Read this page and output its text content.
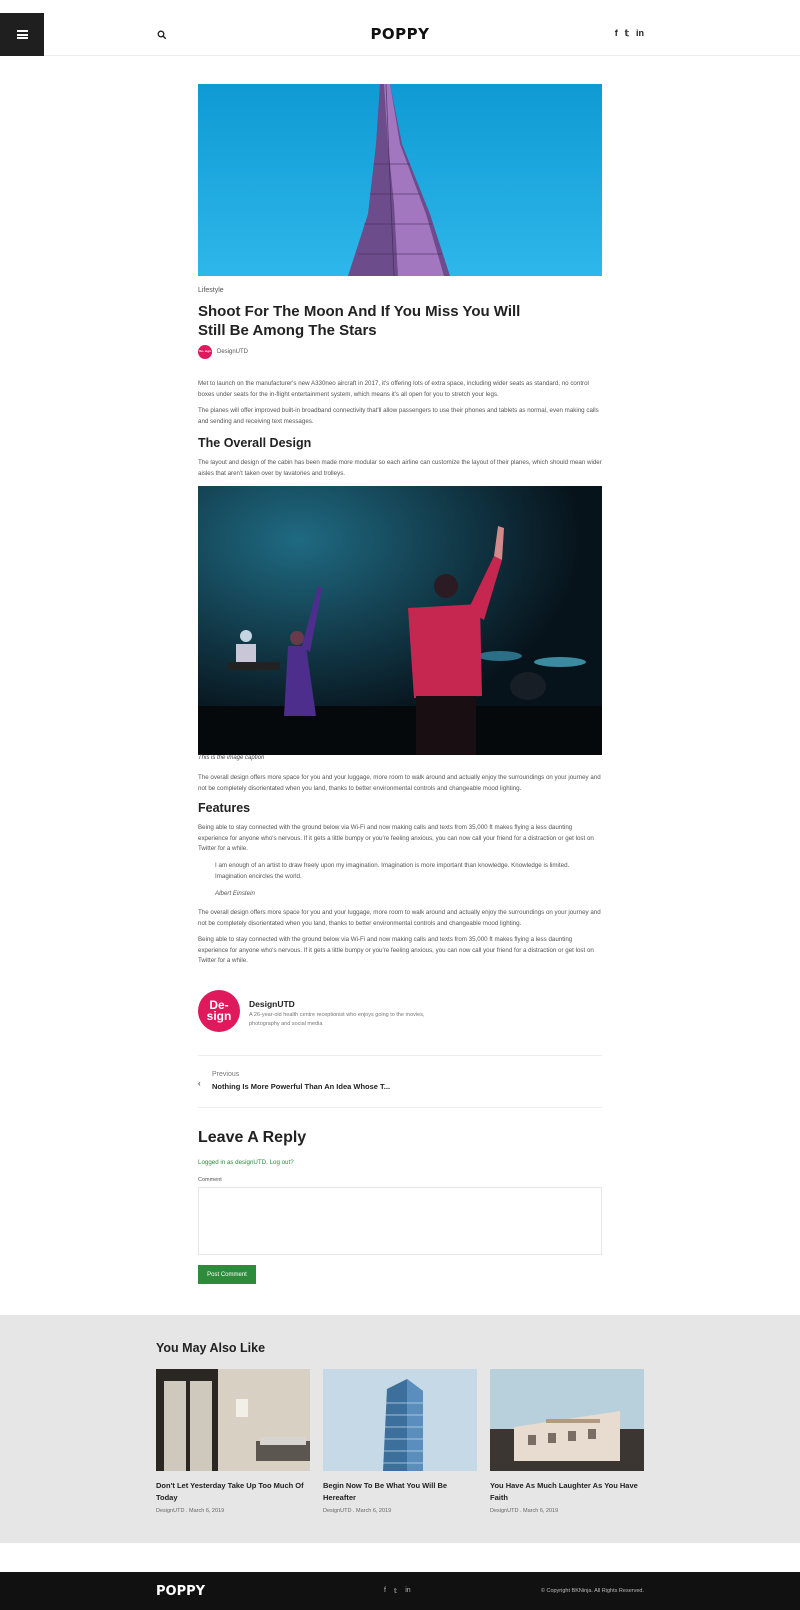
POPPY	f 𝕥 in
Lifestyle
Shoot For The Moon And If You Miss You Will Still Be Among The Stars
De- sign DesignUTD
Met to launch on the manufacturer's new A330neo aircraft in 2017, it's offering lots of extra space, including wider seats as standard, no control boxes under seats for the in-flight entertainment system, which means it's all open for you to stretch your legs.
The planes will offer improved built-in broadband connectivity that'll allow passengers to use their phones and tablets as normal, even making calls and sending and receiving text messages.
The Overall Design
The layout and design of the cabin has been made more modular so each airline can customize the layout of their planes, which should mean wider aisles that aren't taken over by lavatories and trolleys.
This is the image caption
The overall design offers more space for you and your luggage, more room to walk around and actually enjoy the surroundings on your journey and not be completely disorientated when you land, thanks to better environmental controls and changeable mood lighting.
Features
Being able to stay connected with the ground below via Wi-Fi and now making calls and texts from 35,000 ft makes flying a less daunting experience for anyone who's nervous. If it gets a little bumpy or you're feeling anxious, you can now call your friend for a distraction or get lost on Twitter for a while.
I am enough of an artist to draw freely upon my imagination. Imagination is more important than knowledge. Knowledge is limited. Imagination encircles the world.
Albert Einstein
The overall design offers more space for you and your luggage, more room to walk around and actually enjoy the surroundings on your journey and not be completely disorientated when you land, thanks to better environmental controls and changeable mood lighting.
Being able to stay connected with the ground below via Wi-Fi and now making calls and texts from 35,000 ft makes flying a less daunting experience for anyone who's nervous. If it gets a little bumpy or you're feeling anxious, you can now call your friend for a distraction or get lost on Twitter for a while.
De-
sign
DesignUTD
A 26-year-old health centre receptionist who enjoys going to the movies, photography and social media
‹
Previous
Nothing Is More Powerful Than An Idea Whose T...
Leave A Reply
Logged in as designUTD. Log out?
Comment
Post Comment
You May Also Like
Don't Let Yesterday Take Up Too Much Of Today
DesignUTD . March 6, 2019
Begin Now To Be What You Will Be Hereafter
DesignUTD . March 6, 2019
You Have As Much Laughter As You Have Faith
DesignUTD . March 6, 2019
POPPY	f 𝕥 in	© Copyright BKNinja. All Rights Reserved.
